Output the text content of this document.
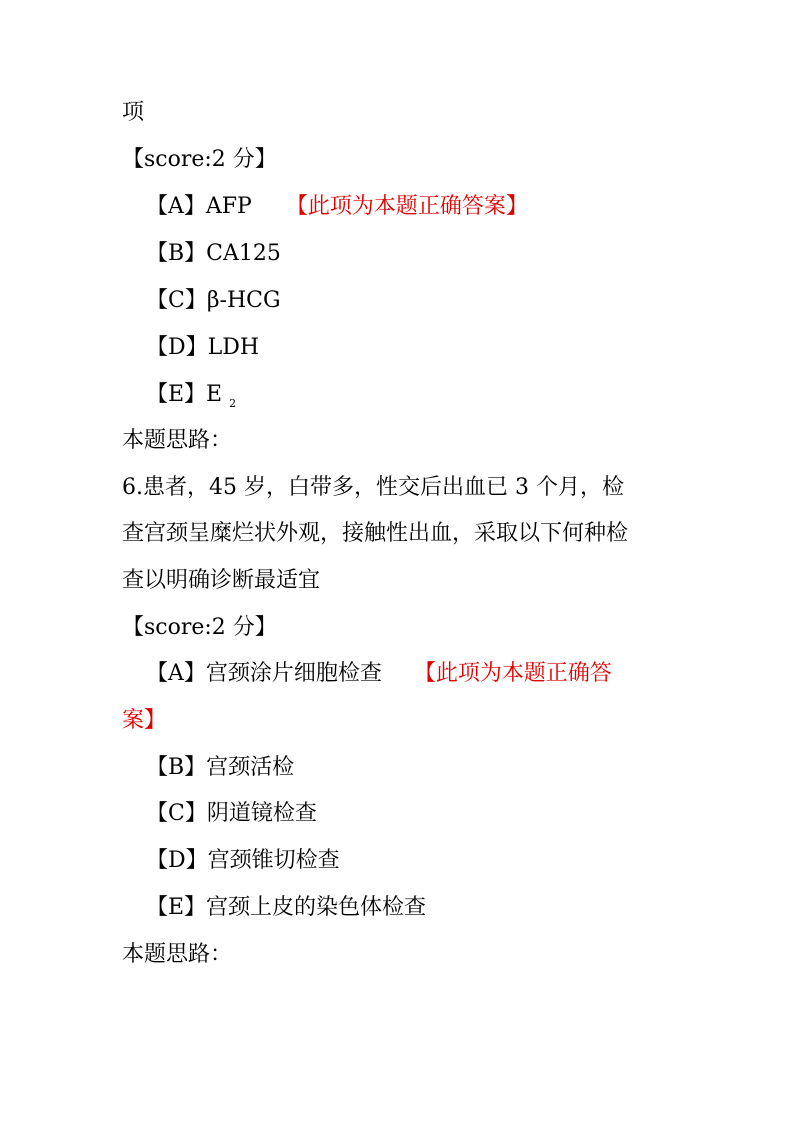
项
【score:2 分】
【A】AFP 【此项为本题正确答案】
【B】CA125
【C】β-HCG
【D】LDH
【E】E $_2$
本题思路：
6.患者，45 岁，白带多，性交后出血已 3 个月，检
查宫颈呈糜烂状外观，接触性出血，采取以下何种检
查以明确诊断最适宜
【score:2 分】
【A】宫颈涂片细胞检查 【此项为本题正确答
案】
【B】宫颈活检
【C】阴道镜检查
【D】宫颈锥切检查
【E】宫颈上皮的染色体检查
本题思路：
